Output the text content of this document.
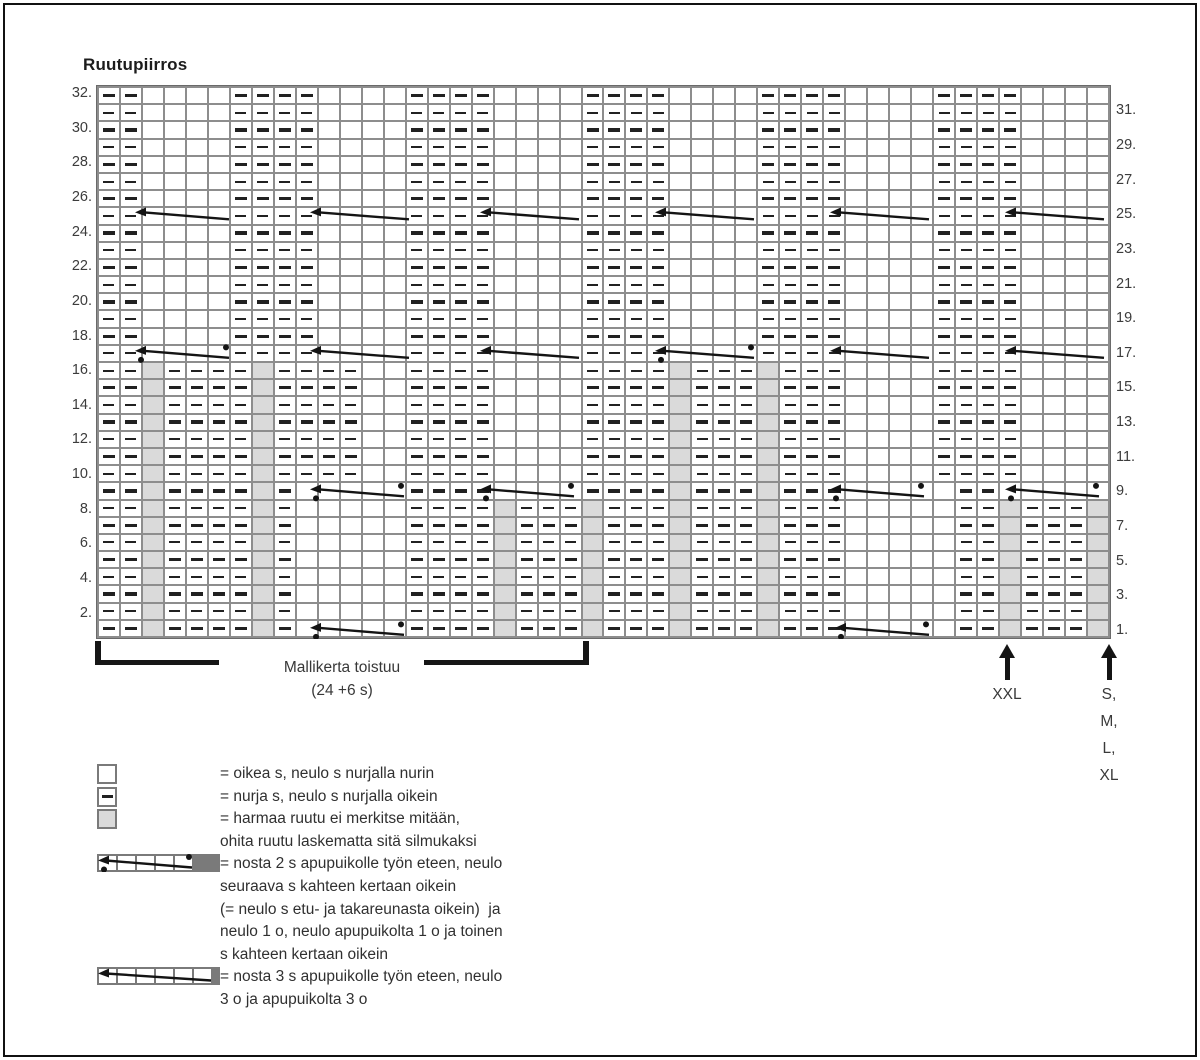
Ruutupiirros
32.
30.
28.
26.
24.
22.
20.
18.
16.
14.
12.
10.
8.
6.
4.
2.
31.
29.
27.
25.
23.
21.
19.
17.
15.
13.
11.
9.
7.
5.
3.
1.
Mallikerta toistuu
(24 +6 s)	XXL	S,
M,
L,
XL
= oikea s, neulo s nurjalla nurin
= nurja s, neulo s nurjalla oikein
= harmaa ruutu ei merkitse mitään,
ohita ruutu laskematta sitä silmukaksi
= nosta 2 s apupuikolle työn eteen, neulo
seuraava s kahteen kertaan oikein
(= neulo s etu- ja takareunasta oikein)  ja
neulo 1 o, neulo apupuikolta 1 o ja toinen
s kahteen kertaan oikein
= nosta 3 s apupuikolle työn eteen, neulo
3 o ja apupuikolta 3 o
